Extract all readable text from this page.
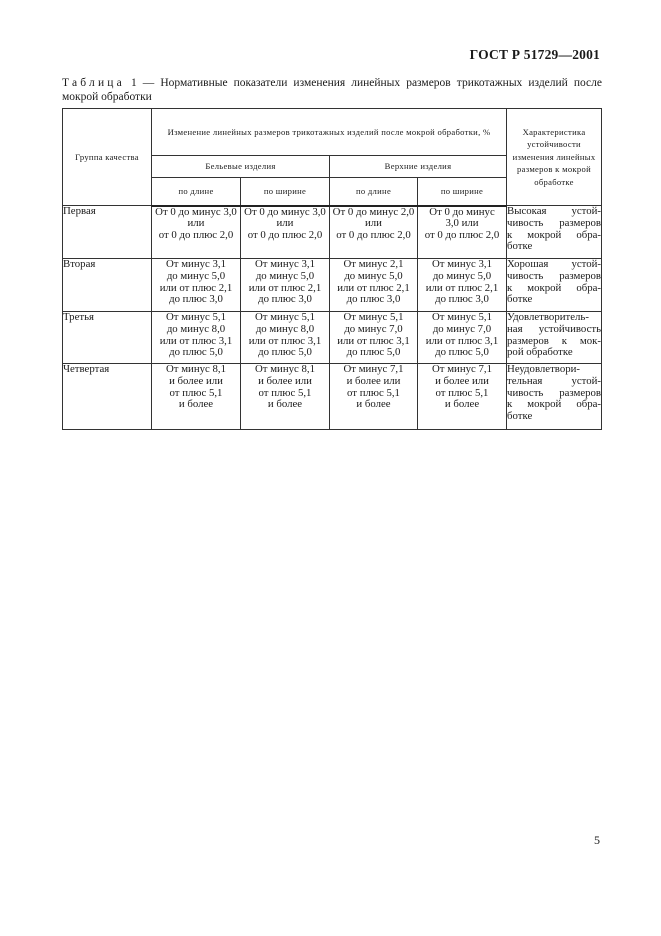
ГОСТ Р 51729—2001
Таблица 1 — Нормативные показатели изменения линейных размеров трикотажных изделий после мокрой обработки
Группа качества	Изменение линейных размеров трикотажных изделий после мокрой обработки, %				Характеристика устойчивости изменения линейных размеров к мокрой обработке
	Бельевые изделия		Верхние изделия		
	по длине	по ширине	по длине	по ширине	
Первая	От 0 до минус 3,0
или
от 0 до плюс 2,0	От 0 до минус 3,0
или
от 0 до плюс 2,0	От 0 до минус 2,0
или
от 0 до плюс 2,0	От 0 до минус
3,0 или
от 0 до плюс 2,0	Высокая устой-
чивость размеров
к мокрой обра-
ботке

Вторая	От минус 3,1
до минус 5,0
или от плюс 2,1
до плюс 3,0	От минус 3,1
до минус 5,0
или от плюс 2,1
до плюс 3,0	От минус 2,1
до минус 5,0
или от плюс 2,1
до плюс 3,0	От минус 3,1
до минус 5,0
или от плюс 2,1
до плюс 3,0	Хорошая устой-
чивость размеров
к мокрой обра-
ботке

Третья	От минус 5,1
до минус 8,0
или от плюс 3,1
до плюс 5,0	От минус 5,1
до минус 8,0
или от плюс 3,1
до плюс 5,0	От минус 5,1
до минус 7,0
или от плюс 3,1
до плюс 5,0	От минус 5,1
до минус 7,0
или от плюс 3,1
до плюс 5,0	Удовлетворитель-
ная устойчивость
размеров к мок-
рой обработке

Четвертая	От минус 8,1
и более или
от плюс 5,1
и более	От минус 8,1
и более или
от плюс 5,1
и более	От минус 7,1
и более или
от плюс 5,1
и более	От минус 7,1
и более или
от плюс 5,1
и более	Неудовлетвори-
тельная устой-
чивость размеров
к мокрой обра-
ботке
5
